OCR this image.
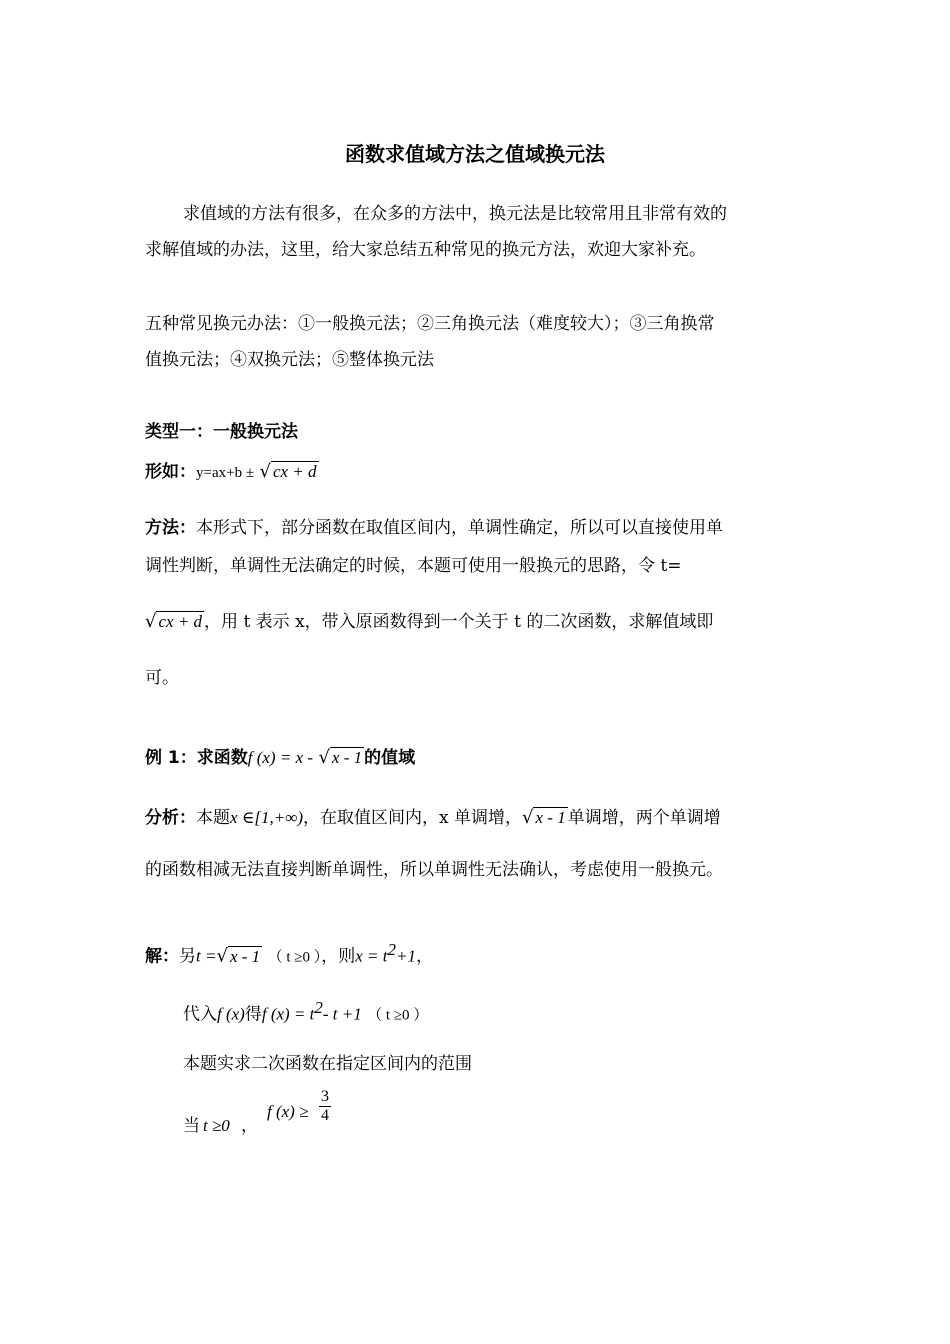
函数求值域方法之值域换元法
求值域的方法有很多，在众多的方法中，换元法是比较常用且非常有效的
求解值域的办法，这里，给大家总结五种常见的换元方法，欢迎大家补充。
五种常见换元办法：①一般换元法；②三角换元法（难度较大）；③三角换常
值换元法；④双换元法；⑤整体换元法
类型一：一般换元法
形如：y=ax+b ± √ cx + d
方法：本形式下，部分函数在取值区间内，单调性确定，所以可以直接使用单
调性判断，单调性无法确定的时候，本题可使用一般换元的思路，令 t=
√ cx + d ，用 t 表示 x，带入原函数得到一个关于 t 的二次函数，求解值域即
可。
例 1：求函数f (x) = x - √ x - 1 的值域
分析：本题x ∈[1,+∞)，在取值区间内，x 单调增，√ x - 1 单调增，两个单调增
的函数相减无法直接判断单调性，所以单调性无法确认，考虑使用一般换元。
解：另t =√ x - 1 （ t ≥0 ），则$x = t^2+1$，
代入f (x)得f $(x) = t^2-$ t +1 （ t ≥0 ）
本题实求二次函数在指定区间内的范围
当 t ≥0 ，
f $(x) \ge \frac{3}{4}$
